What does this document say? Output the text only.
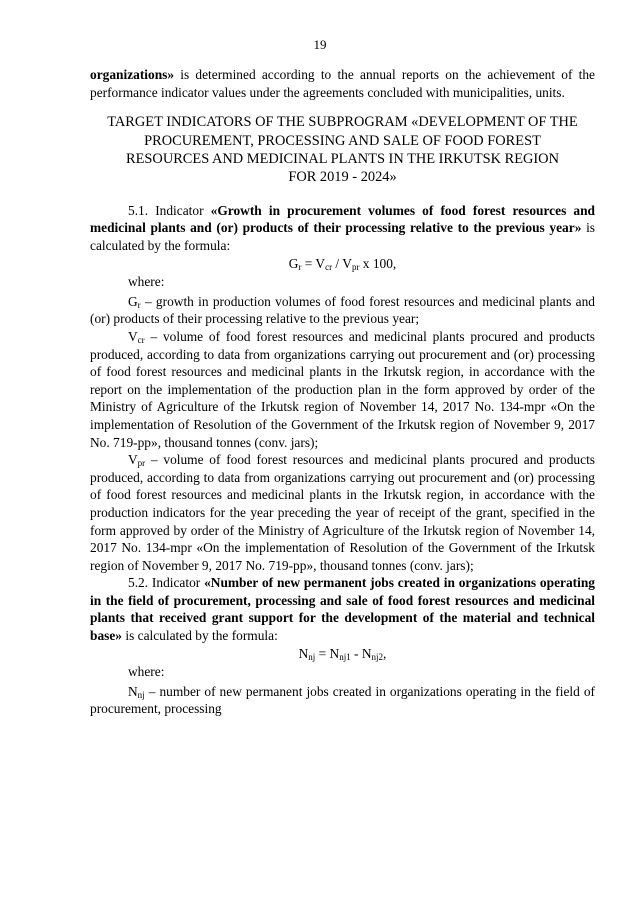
19

organizations» is determined according to the annual reports on the achievement of the performance indicator values under the agreements concluded with municipalities, units.

TARGET INDICATORS OF THE SUBPROGRAM «DEVELOPMENT OF THE
PROCUREMENT, PROCESSING AND SALE OF FOOD FOREST
RESOURCES AND MEDICINAL PLANTS IN THE IRKUTSK REGION
FOR 2019 - 2024»

5.1. Indicator «Growth in procurement volumes of food forest resources and medicinal plants and (or) products of their processing relative to the previous year» is calculated by the formula:

$G_r = V_{cr} / V_{pr}$ x 100,

where:

$G_r$ – growth in production volumes of food forest resources and medicinal plants and (or) products of their processing relative to the previous year;

$V_{cr}$ – volume of food forest resources and medicinal plants procured and products produced, according to data from organizations carrying out procurement and (or) processing of food forest resources and medicinal plants in the Irkutsk region, in accordance with the report on the implementation of the production plan in the form approved by order of the Ministry of Agriculture of the Irkutsk region of November 14, 2017 No. 134-mpr «On the implementation of Resolution of the Government of the Irkutsk region of November 9, 2017 No. 719-pp», thousand tonnes (conv. jars);

$V_{pr}$ – volume of food forest resources and medicinal plants procured and products produced, according to data from organizations carrying out procurement and (or) processing of food forest resources and medicinal plants in the Irkutsk region, in accordance with the production indicators for the year preceding the year of receipt of the grant, specified in the form approved by order of the Ministry of Agriculture of the Irkutsk region of November 14, 2017 No. 134-mpr «On the implementation of Resolution of the Government of the Irkutsk region of November 9, 2017 No. 719-pp», thousand tonnes (conv. jars);

5.2. Indicator «Number of new permanent jobs created in organizations operating in the field of procurement, processing and sale of food forest resources and medicinal plants that received grant support for the development of the material and technical base» is calculated by the formula:

$N_{nj} = N_{nj1} - N_{nj2}$,

where:

$N_{nj}$ – number of new permanent jobs created in organizations operating in the field of procurement, processing
